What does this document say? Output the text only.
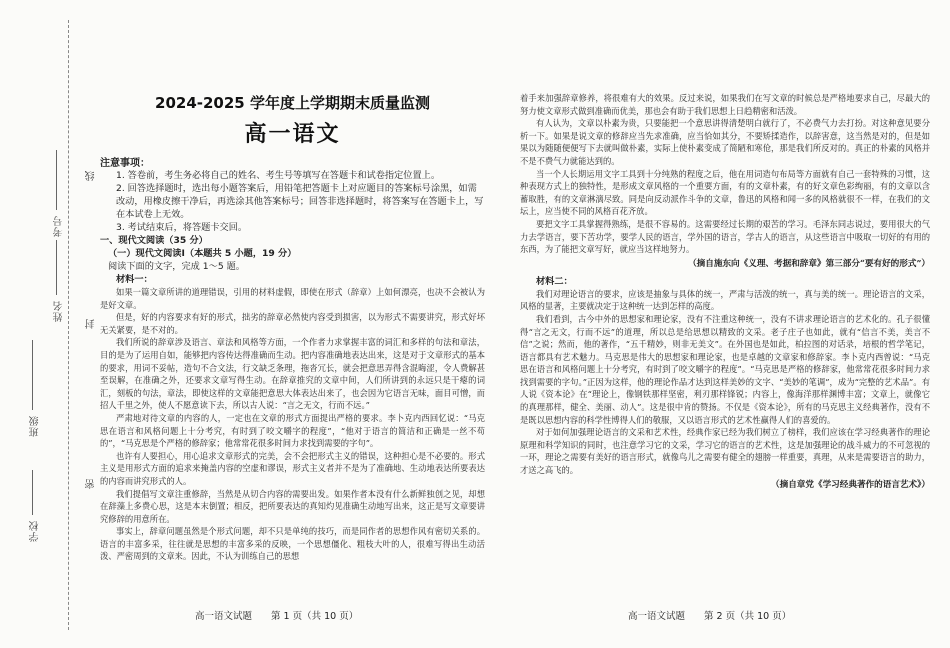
线
封
密
考号
姓名
班级
学校

2024-2025 学年度上学期期末质量监测

高一语文

注意事项：

1. 答卷前，考生务必将自己的姓名、考生号等填写在答题卡和试卷指定位置上。

2. 回答选择题时，选出每小题答案后，用铅笔把答题卡上对应题目的答案标号涂黑，如需改动，用橡皮擦干净后，再选涂其他答案标号；回答非选择题时，将答案写在答题卡上，写在本试卷上无效。

3. 考试结束后，将答题卡交回。

一、现代文阅读（35 分）

（一）现代文阅读Ⅰ（本题共 5 小题，19 分）

阅读下面的文字，完成 1～5 题。

材料一：

如果一篇文章所讲的道理错误，引用的材料虚假，即使在形式（辞章）上如何漂亮，也决不会被认为是好文章。

但是，好的内容要求有好的形式，拙劣的辞章必然使内容受到损害，以为形式不需要讲究，形式好坏无关紧要，是不对的。

我们所说的辞章涉及语言、章法和风格等方面，一个作者力求掌握丰富的词汇和多样的句法和章法，目的是为了运用自如，能够把内容传达得准确而生动。把内容准确地表达出来，这是对于文章形式的基本的要求，用词不妥帖，造句不合文法，行文缺乏条理，拖沓冗长，就会把意思弄得含混晦涩，令人费解甚至误解，在准确之外，还要求文章写得生动。在辞章推究的文章中间，人们所讲到的永远只是干瘪的词汇，刻板的句法，章法，即使这样的文章能把意思大体表达出来了，也会因为它语言无味，面目可憎，而招人千里之外，使人不愿意读下去，所以古人说：“言之无文，行而不远。”

严肃地对待文章的内容的人，一定也在文章的形式方面提出严格的要求。李卜克内西回忆说：“马克思在语言和风格问题上十分考究，有时到了咬文嚼字的程度”，“他对于语言的简洁和正确是一丝不苟的”，“马克思是个严格的修辞家；他常常花很多时间力求找到需要的字句”。

也许有人要担心，用心追求文章形式的完美，会不会把形式主义的错误，这种担心是不必要的。形式主义是用形式方面的追求来掩盖内容的空虚和谬误，形式主义者并不是为了准确地、生动地表达所要表达的内容而讲究形式的人。

我们提倡写文章注重修辞，当然是从切合内容的需要出发。如果作者本没有什么新鲜独创之见，却想在辞藻上多费心思，这是本末倒置；相反，把所要表达的真知灼见准确生动地写出来，这正是写文章要讲究修辞的用意所在。

事实上，辞章问题虽然是个形式问题，却不只是单纯的技巧，而是同作者的思想作风有密切关系的。语言的丰富多采，往往就是思想的丰富多采的反映，一个思想僵化、粗枝大叶的人，很难写得出生动活泼、严密周到的文章来。因此，不认为训练自己的思想

着手来加强辞章修养，将很难有大的效果。反过来说，如果我们在写文章的时候总是严格地要求自己，尽最大的努力使文章形式做到准确而优美，那也会有助于我们思想上日趋精密和活泼。

有人认为，文章以朴素为贵，只要能把一个意思讲得清楚明白就行了，不必费气力去打扮。对这种意见要分析一下。如果是说文章的修辞应当先求准确，应当恰如其分，不要矫揉造作，以辞害意，这当然是对的，但是如果以为随随便便写下去就叫做朴素，实际上使朴素变成了简陋和寒伧，那是我们所反对的。真正的朴素的风格并不是不费气力就能达到的。

当一个人长期运用文字工具到十分纯熟的程度之后，他在用词造句布局等方面就有自己一套特殊的习惯，这种表现方式上的独特性，是形成文章风格的一个重要方面，有的文章朴素，有的好文章色彩绚丽，有的文章以含蓄取胜，有的文章淋漓尽致。同是向反动派作斗争的文章，鲁迅的风格和闻一多的风格就很不一样，在我们的文坛上，应当使不同的风格百花齐放。

要把文字工具掌握得熟练，是很不容易的。这需要经过长期的艰苦的学习。毛泽东同志说过，要用很大的气力去学语言，要下苦功学，要学人民的语言，学外国的语言，学古人的语言，从这些语言中吸取一切好的有用的东西，为了能把文章写好，就应当这样地努力。

（摘自施东向《义理、考据和辞章》第三部分“要有好的形式”）

材料二：

我们对理论语言的要求，应该是抽象与具体的统一，严肃与活泼的统一，真与美的统一。理论语言的文采，风格的显著，主要就决定于这种统一达到怎样的高度。

我们看到，古今中外的思想家和理论家，没有不注重这种统一，没有不讲求理论语言的艺术化的。孔子很懂得“言之无文，行而不远”的道理，所以总是给思想以精致的文采。老子庄子也如此，就有“信言不美，美言不信”之说；然而，他的著作，“五千精妙，则非无美文”。在外国也是如此，柏拉图的对话录，培根的哲学笔记，语言都具有艺术魅力。马克思是伟大的思想家和理论家，也是卓越的文章家和修辞家。李卜克内西曾说：“马克思在语言和风格问题上十分考究，有时到了咬文嚼字的程度”。“马克思是严格的修辞家，他常常花很多时间力求找到需要的字句。”正因为这样，他的理论作品才达到这样美妙的文字、“美妙的笔调”，成为“完整的艺术品”。有人说《资本论》在“理论上，像钢铁那样坚密，利刃那样锋锐；内容上，像海洋那样渊博丰富；文章上，就像它的真理那样，健全、美丽、动人”。这是很中肯的赞扬。不仅是《资本论》，所有的马克思主义经典著作，没有不是既以思想内容的科学性博得人们的敬服，又以语言形式的艺术性赢得人们的喜爱的。

对于如何加强理论语言的文采和艺术性，经典作家已经为我们树立了榜样，我们应该在学习经典著作的理论原理和科学知识的同时，也注意学习它的文采，学习它的语言的艺术性，这是加强理论的战斗威力的不可忽视的一环，理论之需要有美好的语言形式，就像鸟儿之需要有健全的翅膀一样重要，真理，从来是需要语言的助力，才送之高飞的。

（摘自章党《学习经典著作的语言艺术》）

高一语文试题　　第 1 页（共 10 页）	高一语文试题　　第 2 页（共 10 页）
